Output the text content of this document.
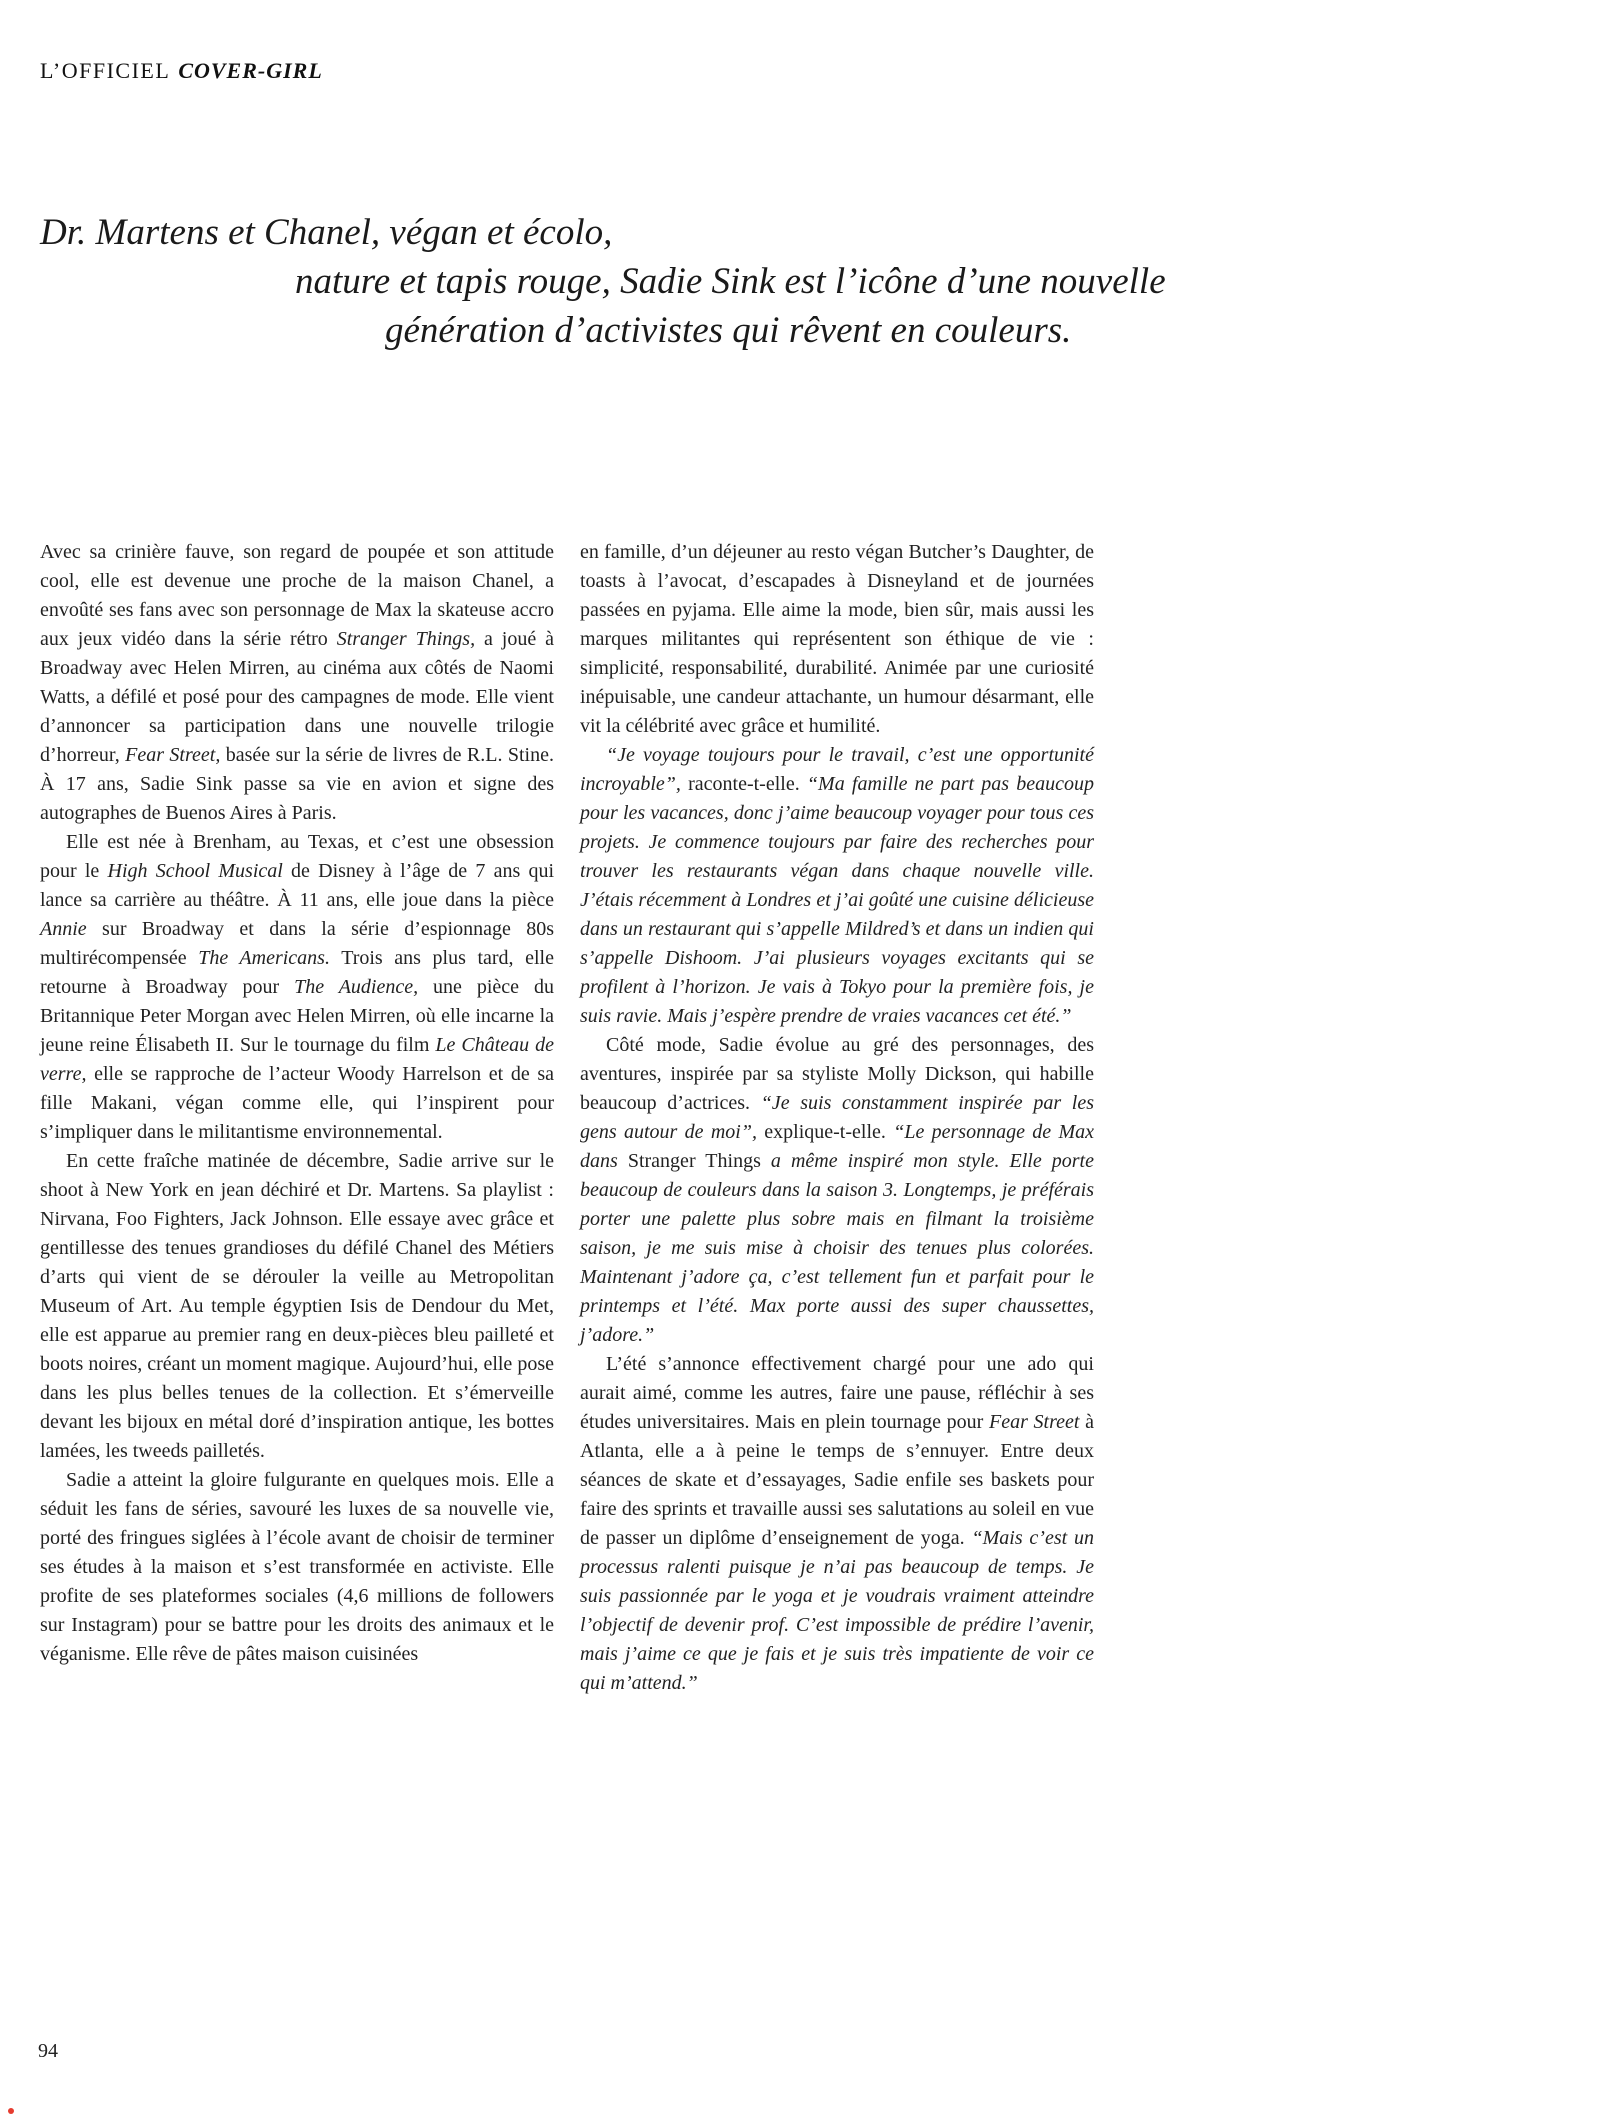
L’OFFICIEL COVER-GIRL
Dr. Martens et Chanel, végan et écolo,
nature et tapis rouge, Sadie Sink est l’icône d’une nouvelle
génération d’activistes qui rêvent en couleurs.

Avec sa crinière fauve, son regard de poupée et son attitude cool, elle est devenue une proche de la maison Chanel, a envoûté ses fans avec son personnage de Max la skateuse accro aux jeux vidéo dans la série rétro Stranger Things, a joué à Broadway avec Helen Mirren, au cinéma aux côtés de Naomi Watts, a défilé et posé pour des campagnes de mode. Elle vient d’annoncer sa participation dans une nouvelle trilogie d’horreur, Fear Street, basée sur la série de livres de R.L. Stine. À 17 ans, Sadie Sink passe sa vie en avion et signe des autographes de Buenos Aires à Paris.

Elle est née à Brenham, au Texas, et c’est une obsession pour le High School Musical de Disney à l’âge de 7 ans qui lance sa carrière au théâtre. À 11 ans, elle joue dans la pièce Annie sur Broadway et dans la série d’espionnage 80s multirécompensée The Americans. Trois ans plus tard, elle retourne à Broadway pour The Audience, une pièce du Britannique Peter Morgan avec Helen Mirren, où elle incarne la jeune reine Élisabeth II. Sur le tournage du film Le Château de verre, elle se rapproche de l’acteur Woody Harrelson et de sa fille Makani, végan comme elle, qui l’inspirent pour s’impliquer dans le militantisme environnemental.

En cette fraîche matinée de décembre, Sadie arrive sur le shoot à New York en jean déchiré et Dr. Martens. Sa playlist : Nirvana, Foo Fighters, Jack Johnson. Elle essaye avec grâce et gentillesse des tenues grandioses du défilé Chanel des Métiers d’arts qui vient de se dérouler la veille au Metropolitan Museum of Art. Au temple égyptien Isis de Dendour du Met, elle est apparue au premier rang en deux-pièces bleu pailleté et boots noires, créant un moment magique. Aujourd’hui, elle pose dans les plus belles tenues de la collection. Et s’émerveille devant les bijoux en métal doré d’inspiration antique, les bottes lamées, les tweeds pailletés.

Sadie a atteint la gloire fulgurante en quelques mois. Elle a séduit les fans de séries, savouré les luxes de sa nouvelle vie, porté des fringues siglées à l’école avant de choisir de terminer ses études à la maison et s’est transformée en activiste. Elle profite de ses plateformes sociales (4,6 millions de followers sur Instagram) pour se battre pour les droits des animaux et le véganisme. Elle rêve de pâtes maison cuisinées

en famille, d’un déjeuner au resto végan Butcher’s Daughter, de toasts à l’avocat, d’escapades à Disneyland et de journées passées en pyjama. Elle aime la mode, bien sûr, mais aussi les marques militantes qui représentent son éthique de vie : simplicité, responsabilité, durabilité. Animée par une curiosité inépuisable, une candeur attachante, un humour désarmant, elle vit la célébrité avec grâce et humilité.

“Je voyage toujours pour le travail, c’est une opportunité incroyable”, raconte-t-elle. “Ma famille ne part pas beaucoup pour les vacances, donc j’aime beaucoup voyager pour tous ces projets. Je commence toujours par faire des recherches pour trouver les restaurants végan dans chaque nouvelle ville. J’étais récemment à Londres et j’ai goûté une cuisine délicieuse dans un restaurant qui s’appelle Mildred’s et dans un indien qui s’appelle Dishoom. J’ai plusieurs voyages excitants qui se profilent à l’horizon. Je vais à Tokyo pour la première fois, je suis ravie. Mais j’espère prendre de vraies vacances cet été.”

Côté mode, Sadie évolue au gré des personnages, des aventures, inspirée par sa styliste Molly Dickson, qui habille beaucoup d’actrices. “Je suis constamment inspirée par les gens autour de moi”, explique-t-elle. “Le personnage de Max dans Stranger Things a même inspiré mon style. Elle porte beaucoup de couleurs dans la saison 3. Longtemps, je préférais porter une palette plus sobre mais en filmant la troisième saison, je me suis mise à choisir des tenues plus colorées. Maintenant j’adore ça, c’est tellement fun et parfait pour le printemps et l’été. Max porte aussi des super chaussettes, j’adore.”

L’été s’annonce effectivement chargé pour une ado qui aurait aimé, comme les autres, faire une pause, réfléchir à ses études universitaires. Mais en plein tournage pour Fear Street à Atlanta, elle a à peine le temps de s’ennuyer. Entre deux séances de skate et d’essayages, Sadie enfile ses baskets pour faire des sprints et travaille aussi ses salutations au soleil en vue de passer un diplôme d’enseignement de yoga. “Mais c’est un processus ralenti puisque je n’ai pas beaucoup de temps. Je suis passionnée par le yoga et je voudrais vraiment atteindre l’objectif de devenir prof. C’est impossible de prédire l’avenir, mais j’aime ce que je fais et je suis très impatiente de voir ce qui m’attend.”

94
